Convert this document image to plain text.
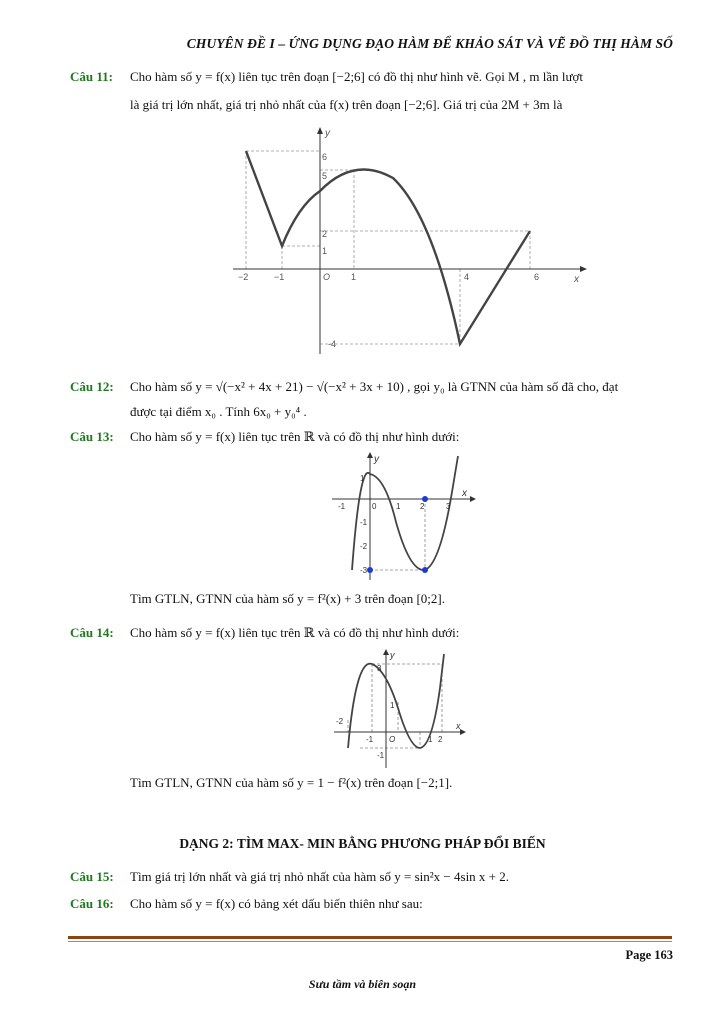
CHUYÊN ĐỀ I – ỨNG DỤNG ĐẠO HÀM ĐỂ KHẢO SÁT VÀ VẼ ĐỒ THỊ HÀM SỐ
Câu 11: Cho hàm số y = f(x) liên tục trên đoạn [−2;6] có đồ thị như hình vẽ. Gọi M , m lần lượt
là giá trị lớn nhất, giá trị nhỏ nhất của f(x) trên đoạn [−2;6]. Giá trị của 2M + 3m là
y
x
6
5
2
1
-4
−2	−1	O 1	4	6
Câu 12: Cho hàm số y = √(−x² + 4x + 21) − √(−x² + 3x + 10) , gọi y₀ là GTNN của hàm số đã cho, đạt
được tại điểm x₀ . Tính 6x₀ + y₀⁴ .
Câu 13: Cho hàm số y = f(x) liên tục trên ℝ và có đồ thị như hình dưới:
y
x
1
-1
-2
-3
-1	0 1 2	3
Tìm GTLN, GTNN của hàm số y = f²(x) + 3 trên đoạn [0;2].
Câu 14: Cho hàm số y = f(x) liên tục trên ℝ và có đồ thị như hình dưới:
y
x
3
1
-1
-2
-1 O	1 2
Tìm GTLN, GTNN của hàm số y = 1 − f²(x) trên đoạn [−2;1].
DẠNG 2: TÌM MAX- MIN BẰNG PHƯƠNG PHÁP ĐỔI BIẾN
Câu 15: Tìm giá trị lớn nhất và giá trị nhỏ nhất của hàm số y = sin²x − 4sin x + 2.
Câu 16: Cho hàm số y = f(x) có bảng xét dấu biến thiên như sau:
Page 163
Sưu tầm và biên soạn
